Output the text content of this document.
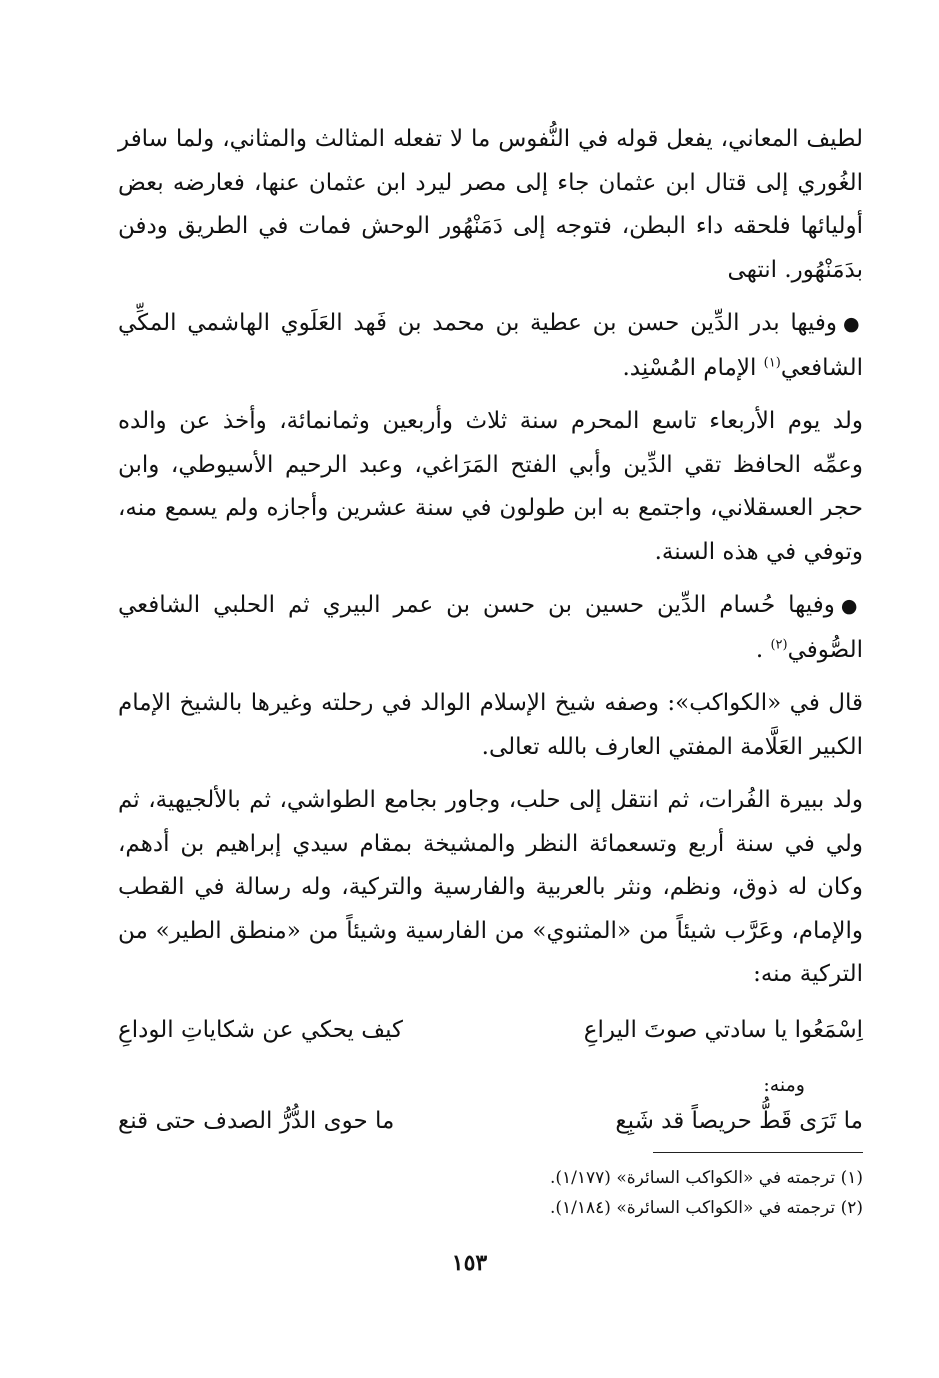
لطيف المعاني، يفعل قوله في النُّفوس ما لا تفعله المثالث والمثاني، ولما سافر الغُوري إلى قتال ابن عثمان جاء إلى مصر ليرد ابن عثمان عنها، فعارضه بعض أوليائها فلحقه داء البطن، فتوجه إلى دَمَنْهُور الوحش فمات في الطريق ودفن بدَمَنْهُور. انتهى

●وفيها بدر الدِّين حسن بن عطية بن محمد بن فَهد العَلَوي الهاشمي المكِّي الشافعي$^{(١)}$ الإمام المُسْنِد.

ولد يوم الأربعاء تاسع المحرم سنة ثلاث وأربعين وثمانمائة، وأخذ عن والده وعمِّه الحافظ تقي الدِّين وأبي الفتح المَرَاغي، وعبد الرحيم الأسيوطي، وابن حجر العسقلاني، واجتمع به ابن طولون في سنة عشرين وأجازه ولم يسمع منه، وتوفي في هذه السنة.

●وفيها حُسام الدِّين حسين بن حسن بن عمر البيري ثم الحلبي الشافعي الصُّوفي$^{(٢)}$ .

قال في «الكواكب»: وصفه شيخ الإسلام الوالد في رحلته وغيرها بالشيخ الإمام الكبير العَلَّامة المفتي العارف بالله تعالى.

ولد ببيرة الفُرات، ثم انتقل إلى حلب، وجاور بجامع الطواشي، ثم بالألجيهية، ثم ولي في سنة أربع وتسعمائة النظر والمشيخة بمقام سيدي إبراهيم بن أدهم، وكان له ذوق، ونظم، ونثر بالعربية والفارسية والتركية، وله رسالة في القطب والإمام، وعَرَّب شيئاً من «المثنوي» من الفارسية وشيئاً من «منطق الطير» من التركية منه:

اِسْمَعُوا يا سادتي صوتَ اليراعِ
كيف يحكي عن شكاياتِ الوداعِ
ومنه:
ما تَرَى قَطُّ حريصاً قد شَبِع
ما حوى الدُّرُّ الصدف حتى قنع
(١) ترجمته في «الكواكب السائرة» (١/١٧٧).
(٢) ترجمته في «الكواكب السائرة» (١/١٨٤).
١٥٣
